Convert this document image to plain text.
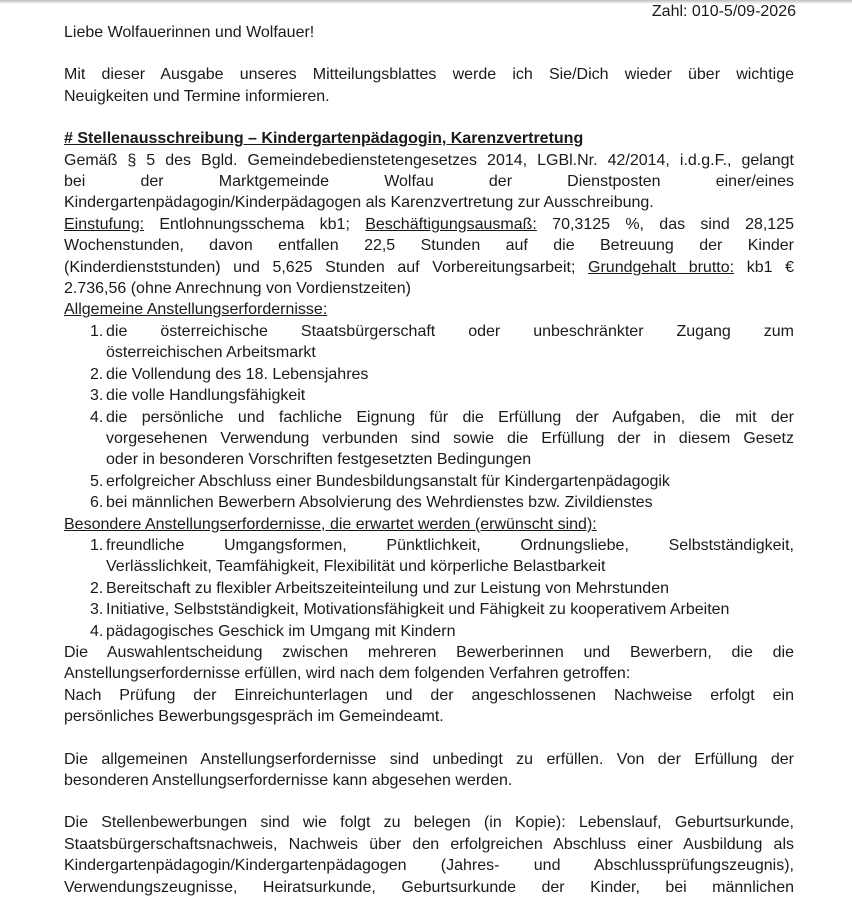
Zahl: 010-5/09-2026

Liebe Wolfauerinnen und Wolfauer!

Mit dieser Ausgabe unseres Mitteilungsblattes werde ich Sie/Dich wieder über wichtige

Neuigkeiten und Termine informieren.

# Stellenausschreibung – Kindergartenpädagogin, Karenzvertretung

Gemäß § 5 des Bgld. Gemeindebedienstetengesetzes 2014, LGBl.Nr. 42/2014, i.d.g.F., gelangt

bei der Marktgemeinde Wolfau der Dienstposten einer/eines

Kindergartenpädagogin/Kinderpädagogen als Karenzvertretung zur Ausschreibung.

Einstufung: Entlohnungsschema kb1; Beschäftigungsausmaß: 70,3125 %, das sind 28,125

Wochenstunden, davon entfallen 22,5 Stunden auf die Betreuung der Kinder

(Kinderdienststunden) und 5,625 Stunden auf Vorbereitungsarbeit; Grundgehalt brutto: kb1 €

2.736,56 (ohne Anrechnung von Vordienstzeiten)

Allgemeine Anstellungserfordernisse:

1. die österreichische Staatsbürgerschaft oder unbeschränkter Zugang zum
österreichischen Arbeitsmarkt
2. die Vollendung des 18. Lebensjahres
3. die volle Handlungsfähigkeit
4. die persönliche und fachliche Eignung für die Erfüllung der Aufgaben, die mit der
vorgesehenen Verwendung verbunden sind sowie die Erfüllung der in diesem Gesetz
oder in besonderen Vorschriften festgesetzten Bedingungen
5. erfolgreicher Abschluss einer Bundesbildungsanstalt für Kindergartenpädagogik
6. bei männlichen Bewerbern Absolvierung des Wehrdienstes bzw. Zivildienstes

Besondere Anstellungserfordernisse, die erwartet werden (erwünscht sind):

1. freundliche Umgangsformen, Pünktlichkeit, Ordnungsliebe, Selbstständigkeit,
Verlässlichkeit, Teamfähigkeit, Flexibilität und körperliche Belastbarkeit
2. Bereitschaft zu flexibler Arbeitszeiteinteilung und zur Leistung von Mehrstunden
3. Initiative, Selbstständigkeit, Motivationsfähigkeit und Fähigkeit zu kooperativem Arbeiten
4. pädagogisches Geschick im Umgang mit Kindern

Die Auswahlentscheidung zwischen mehreren Bewerberinnen und Bewerbern, die die

Anstellungserfordernisse erfüllen, wird nach dem folgenden Verfahren getroffen:

Nach Prüfung der Einreichunterlagen und der angeschlossenen Nachweise erfolgt ein

persönliches Bewerbungsgespräch im Gemeindeamt.

Die allgemeinen Anstellungserfordernisse sind unbedingt zu erfüllen. Von der Erfüllung der

besonderen Anstellungserfordernisse kann abgesehen werden.

Die Stellenbewerbungen sind wie folgt zu belegen (in Kopie): Lebenslauf, Geburtsurkunde,

Staatsbürgerschaftsnachweis, Nachweis über den erfolgreichen Abschluss einer Ausbildung als

Kindergartenpädagogin/Kindergartenpädagogen (Jahres- und Abschlussprüfungszeugnis),

Verwendungszeugnisse, Heiratsurkunde, Geburtsurkunde der Kinder, bei männlichen
